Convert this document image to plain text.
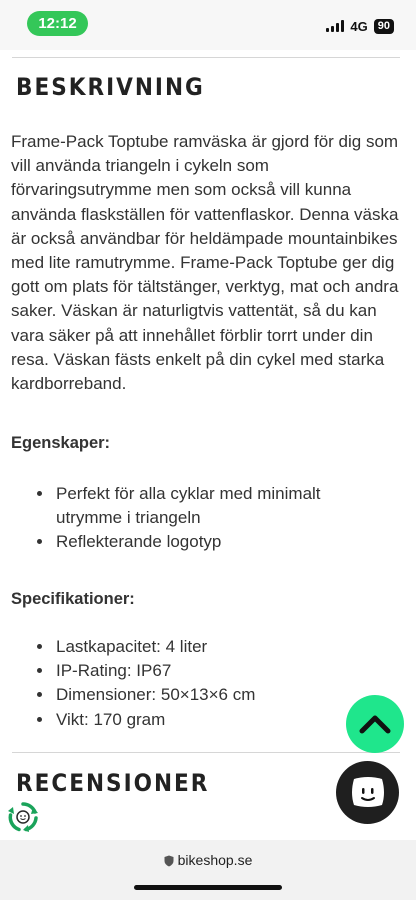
12:12	4G 90
BESKRIVNING

Frame-Pack Toptube ramväska är gjord för dig som vill använda triangeln i cykeln som förvaringsutrymme men som också vill kunna använda flaskställen för vattenflaskor. Denna väska är också användbar för heldämpade mountainbikes med lite ramutrymme. Frame-Pack Toptube ger dig gott om plats för tältstänger, verktyg, mat och andra saker. Väskan är naturligtvis vattentät, så du kan vara säker på att innehållet förblir torrt under din resa. Väskan fästs enkelt på din cykel med starka kardborreband.

Egenskaper:
• Perfekt för alla cyklar med minimalt utrymme i triangeln
• Reflekterande logotyp
Specifikationer:
• Lastkapacitet: 4 liter
• IP-Rating: IP67
• Dimensioner: 50×13×6 cm
• Vikt: 170 gram
RECENSIONER
bikeshop.se
